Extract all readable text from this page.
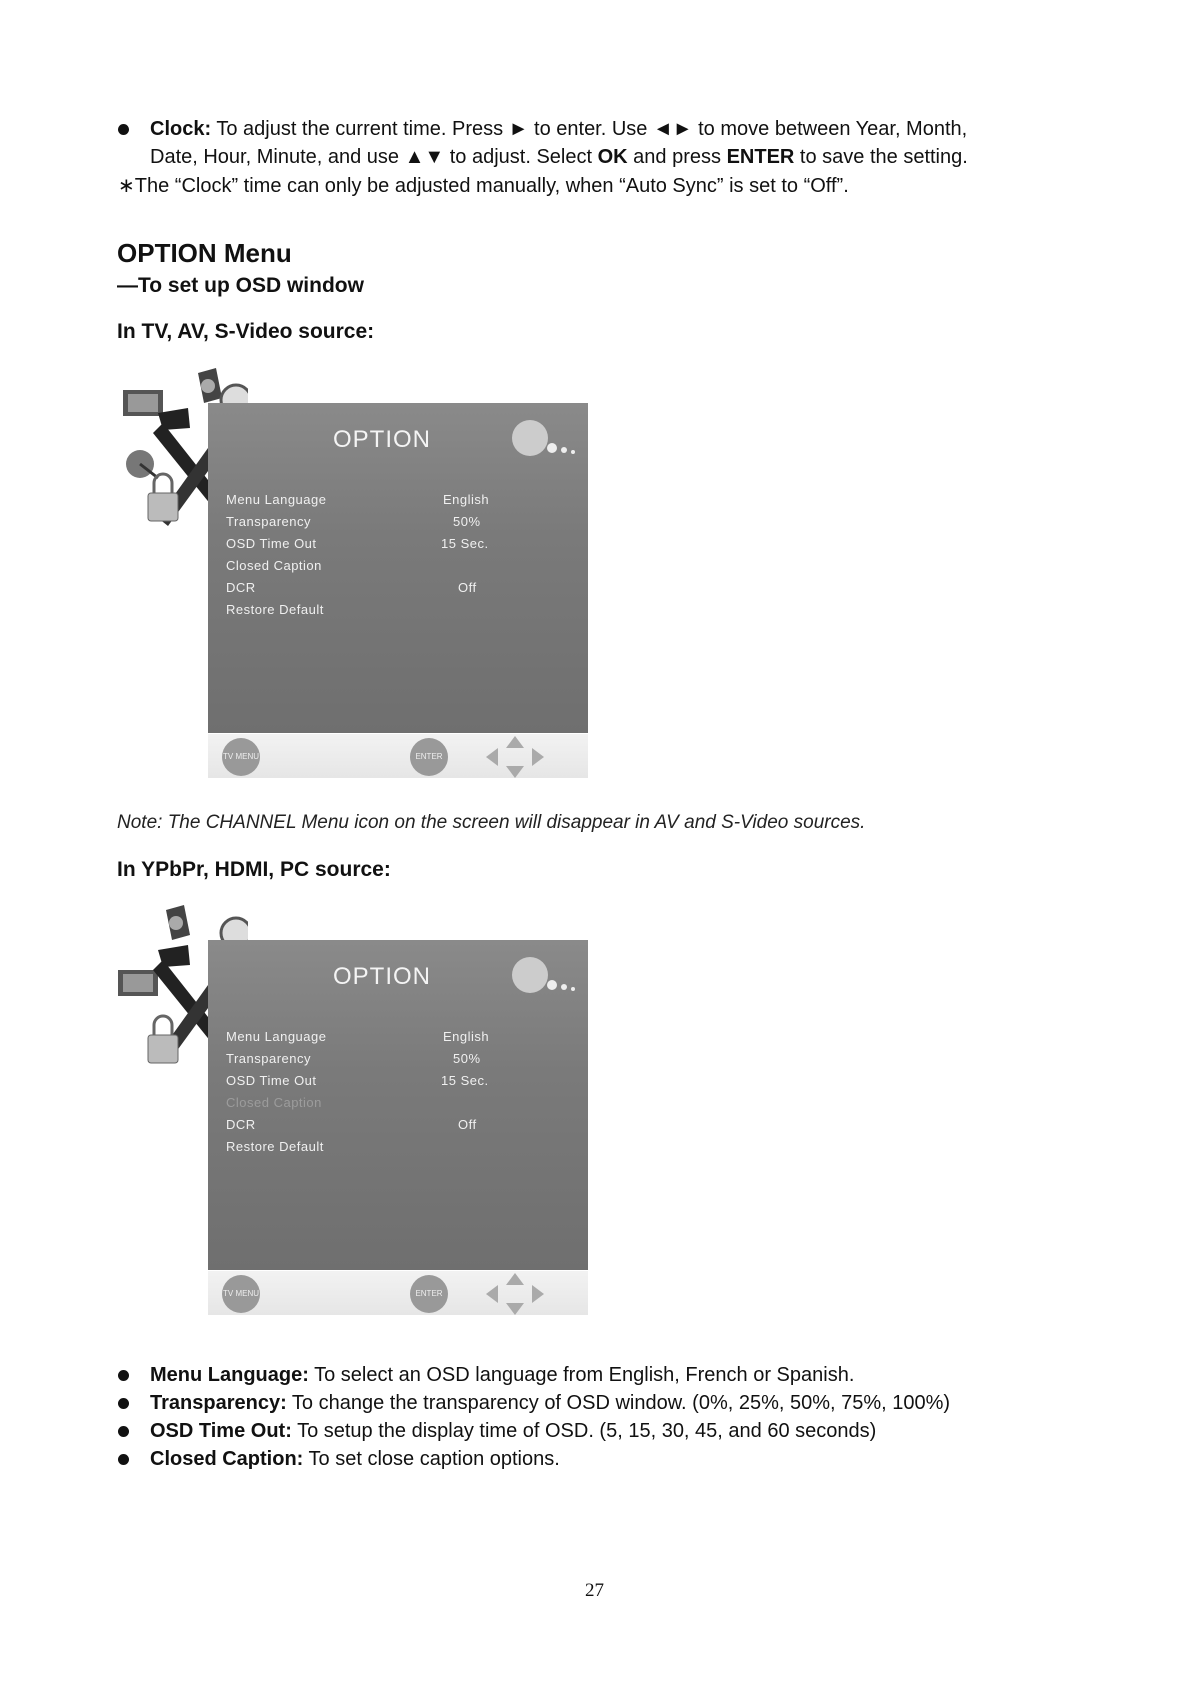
Clock: To adjust the current time. Press ► to enter. Use ◄► to move between Year, Month,
Date, Hour, Minute, and use ▲▼ to adjust. Select OK and press ENTER to save the setting.
∗The “Clock” time can only be adjusted manually, when “Auto Sync” is set to “Off”.
OPTION Menu
—To set up OSD window
In TV, AV, S-Video source:
OPTION
Menu Language	English
Transparency	50%
OSD Time Out	15 Sec.
Closed Caption
DCR	Off
Restore Default
TV MENU	ENTER
Note: The CHANNEL Menu icon on the screen will disappear in AV and S-Video sources.
In YPbPr, HDMI, PC source:
OPTION
Menu Language	English
Transparency	50%
OSD Time Out	15 Sec.
Closed Caption
DCR	Off
Restore Default
TV MENU	ENTER
Menu Language: To select an OSD language from English, French or Spanish.
Transparency: To change the transparency of OSD window. (0%, 25%, 50%, 75%, 100%)
OSD Time Out: To setup the display time of OSD. (5, 15, 30, 45, and 60 seconds)
Closed Caption: To set close caption options.
27
